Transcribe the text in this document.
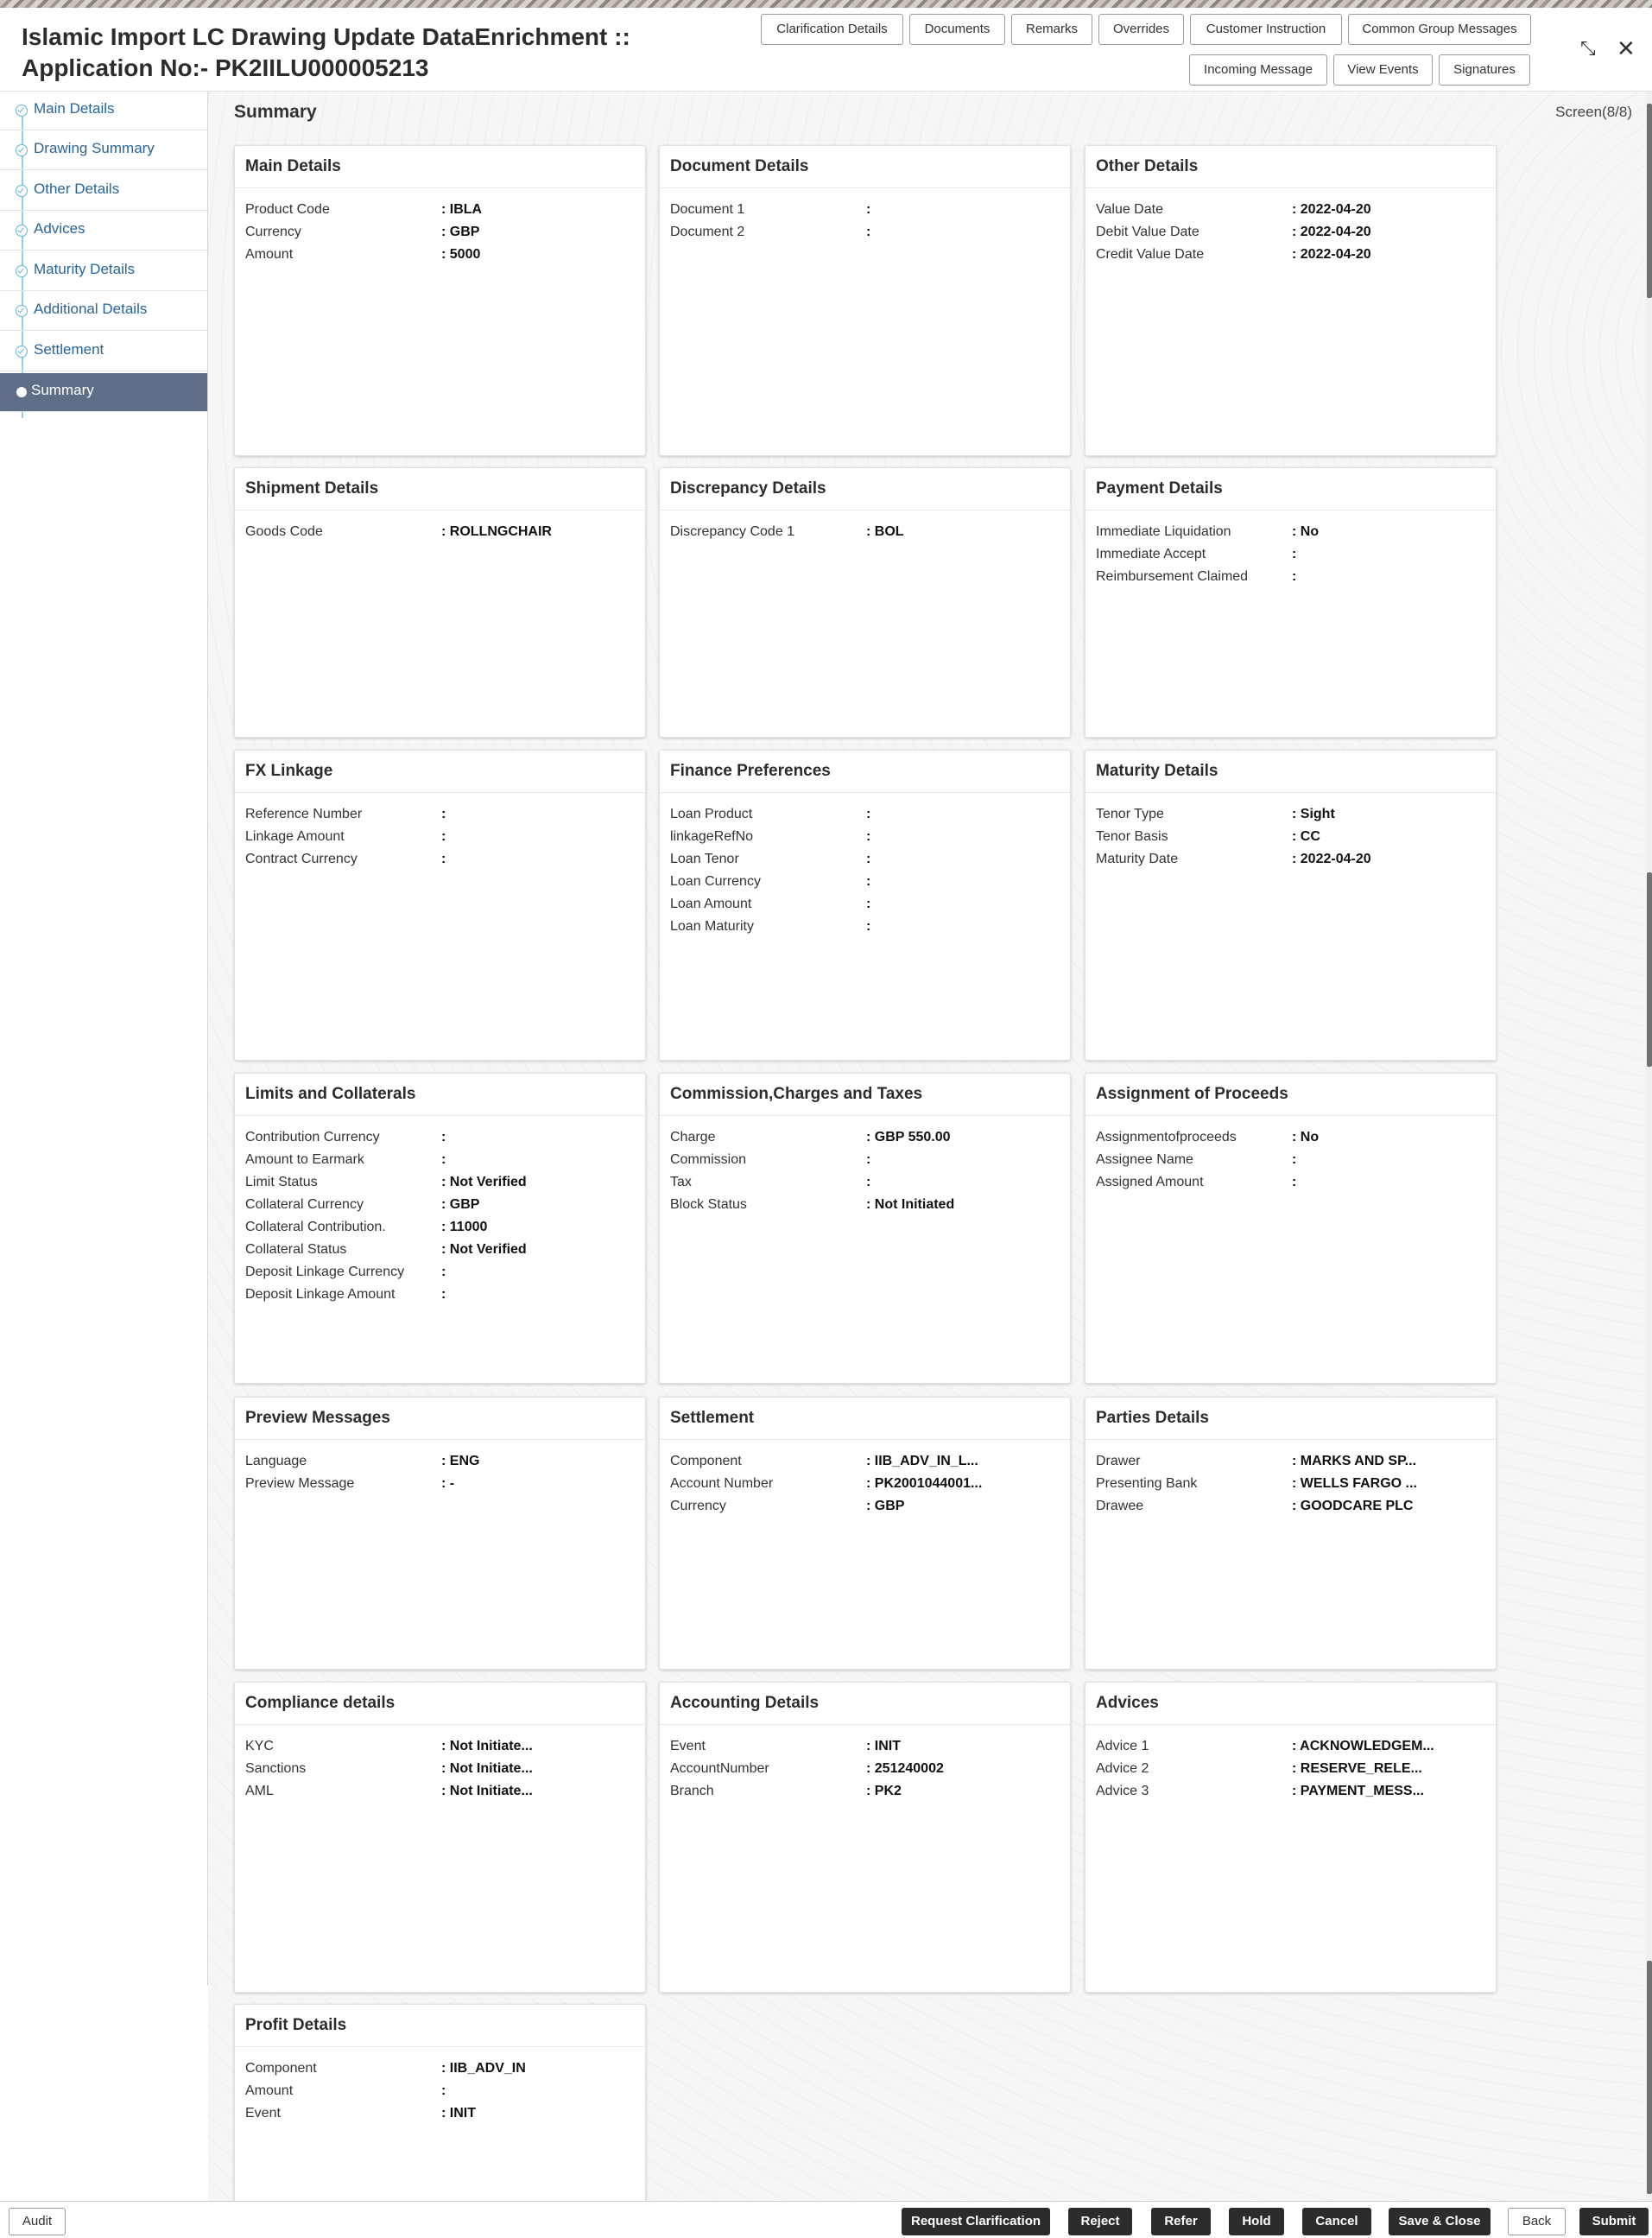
Islamic Import LC Drawing Update DataEnrichment ::
Application No:- PK2IILU000005213
Clarification Details	Documents	Remarks	Overrides	Customer Instruction	Common Group Messages
Incoming Message	View Events	Signatures
⤡ ✕
Main Details
Drawing Summary
Other Details
Advices
Maturity Details
Additional Details
Settlement
Summary
Summary	Screen(8/8)
Main Details
Product Code	: IBLA
Currency	: GBP
Amount	: 5000
Document Details
Document 1	:
Document 2	:
Other Details
Value Date	: 2022-04-20
Debit Value Date	: 2022-04-20
Credit Value Date	: 2022-04-20
Shipment Details
Goods Code	: ROLLNGCHAIR
Discrepancy Details
Discrepancy Code 1	: BOL
Payment Details
Immediate Liquidation	: No
Immediate Accept	:
Reimbursement Claimed	:
FX Linkage
Reference Number	:
Linkage Amount	:
Contract Currency	:
Finance Preferences
Loan Product	:
linkageRefNo	:
Loan Tenor	:
Loan Currency	:
Loan Amount	:
Loan Maturity	:
Maturity Details
Tenor Type	: Sight
Tenor Basis	: CC
Maturity Date	: 2022-04-20
Limits and Collaterals
Contribution Currency	:
Amount to Earmark	:
Limit Status	: Not Verified
Collateral Currency	: GBP
Collateral Contribution.	: 11000
Collateral Status	: Not Verified
Deposit Linkage Currency	:
Deposit Linkage Amount	:
Commission,Charges and Taxes
Charge	: GBP 550.00
Commission	:
Tax	:
Block Status	: Not Initiated
Assignment of Proceeds
Assignmentofproceeds	: No
Assignee Name	:
Assigned Amount	:
Preview Messages
Language	: ENG
Preview Message	: -
Settlement
Component	: IIB_ADV_IN_L...
Account Number	: PK2001044001...
Currency	: GBP
Parties Details
Drawer	: MARKS AND SP...
Presenting Bank	: WELLS FARGO ...
Drawee	: GOODCARE PLC
Compliance details
KYC	: Not Initiate...
Sanctions	: Not Initiate...
AML	: Not Initiate...
Accounting Details
Event	: INIT
AccountNumber	: 251240002
Branch	: PK2
Advices
Advice 1	: ACKNOWLEDGEM...
Advice 2	: RESERVE_RELE...
Advice 3	: PAYMENT_MESS...
Profit Details
Component	: IIB_ADV_IN
Amount	:
Event	: INIT
Audit	Request Clarification	Reject	Refer	Hold	Cancel	Save & Close	Back	Submit
